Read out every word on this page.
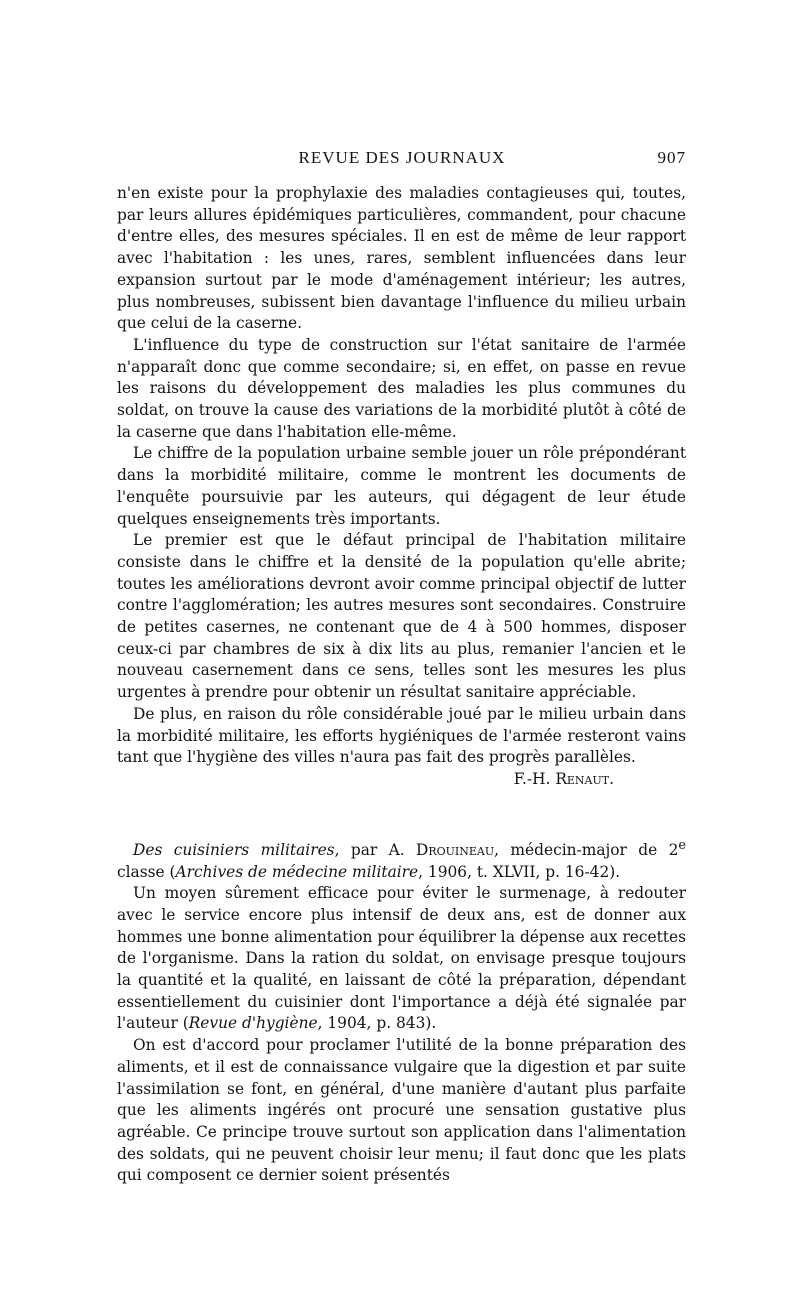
REVUE DES JOURNAUX	907

n'en existe pour la prophylaxie des maladies contagieuses qui, toutes, par leurs allures épidémiques particulières, commandent, pour chacune d'entre elles, des mesures spéciales. Il en est de même de leur rapport avec l'habitation : les unes, rares, semblent influencées dans leur expansion surtout par le mode d'aménagement intérieur; les autres, plus nombreuses, subissent bien davantage l'influence du milieu urbain que celui de la caserne.

L'influence du type de construction sur l'état sanitaire de l'armée n'apparaît donc que comme secondaire; si, en effet, on passe en revue les raisons du développement des maladies les plus communes du soldat, on trouve la cause des variations de la morbidité plutôt à côté de la caserne que dans l'habitation elle-même.

Le chiffre de la population urbaine semble jouer un rôle prépondérant dans la morbidité militaire, comme le montrent les documents de l'enquête poursuivie par les auteurs, qui dégagent de leur étude quelques enseignements très importants.

Le premier est que le défaut principal de l'habitation militaire consiste dans le chiffre et la densité de la population qu'elle abrite; toutes les améliorations devront avoir comme principal objectif de lutter contre l'agglomération; les autres mesures sont secondaires. Construire de petites casernes, ne contenant que de 4 à 500 hommes, disposer ceux-ci par chambres de six à dix lits au plus, remanier l'ancien et le nouveau casernement dans ce sens, telles sont les mesures les plus urgentes à prendre pour obtenir un résultat sanitaire appréciable.

De plus, en raison du rôle considérable joué par le milieu urbain dans la morbidité militaire, les efforts hygiéniques de l'armée resteront vains tant que l'hygiène des villes n'aura pas fait des progrès parallèles.

F.-H. Renaut.

Des cuisiniers militaires, par A. Drouineau, médecin-major de 2e classe (Archives de médecine militaire, 1906, t. XLVII, p. 16-42).

Un moyen sûrement efficace pour éviter le surmenage, à redouter avec le service encore plus intensif de deux ans, est de donner aux hommes une bonne alimentation pour équilibrer la dépense aux recettes de l'organisme. Dans la ration du soldat, on envisage presque toujours la quantité et la qualité, en laissant de côté la préparation, dépendant essentiellement du cuisinier dont l'importance a déjà été signalée par l'auteur (Revue d'hygiène, 1904, p. 843).

On est d'accord pour proclamer l'utilité de la bonne préparation des aliments, et il est de connaissance vulgaire que la digestion et par suite l'assimilation se font, en général, d'une manière d'autant plus parfaite que les aliments ingérés ont procuré une sensation gustative plus agréable. Ce principe trouve surtout son application dans l'alimentation des soldats, qui ne peuvent choisir leur menu; il faut donc que les plats qui composent ce dernier soient présentés
